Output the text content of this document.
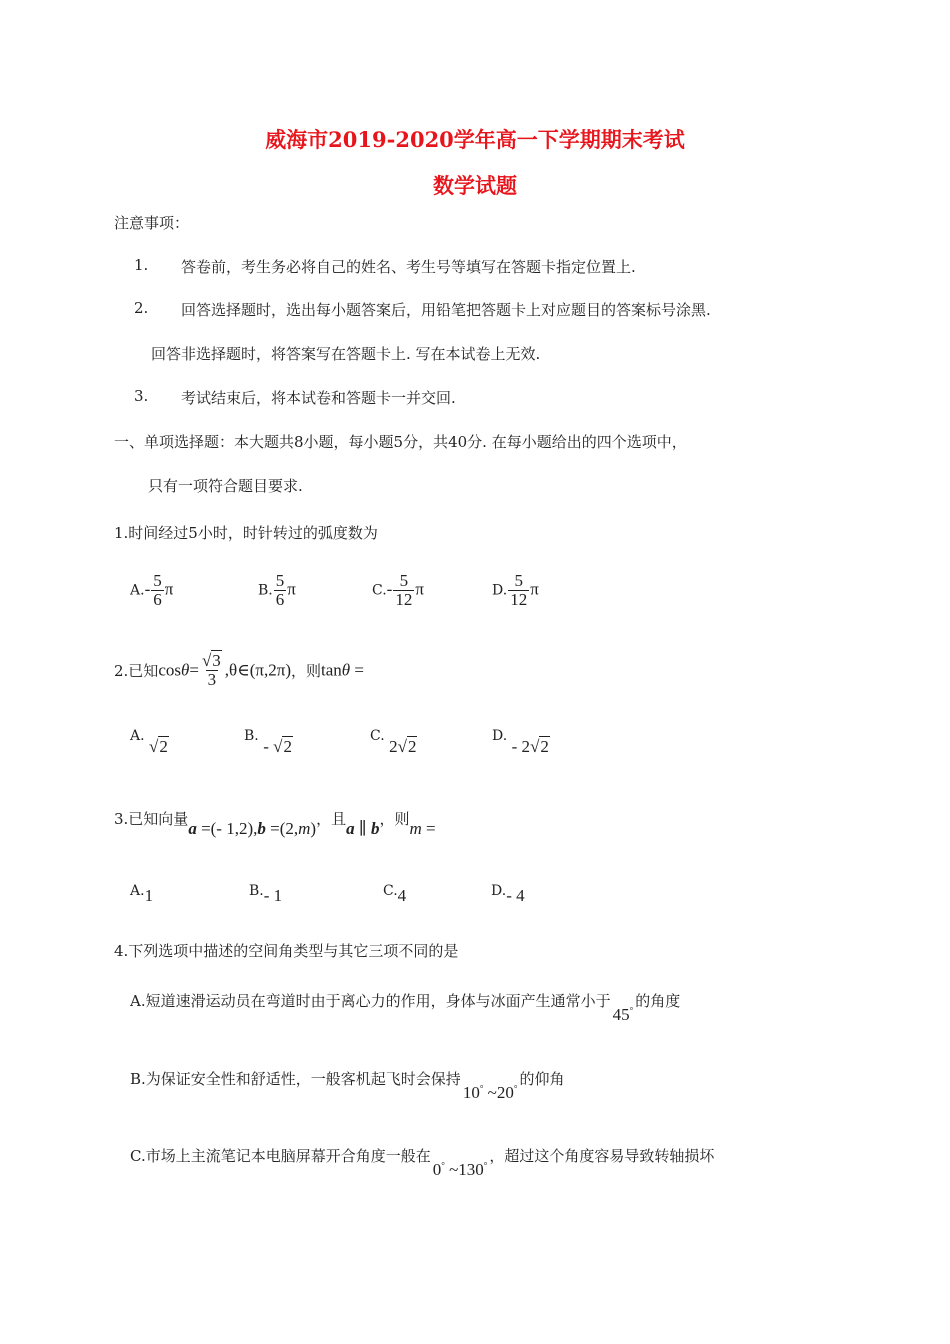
威海市2019-2020学年高一下学期期末考试
数学试题
注意事项：
1. 答卷前，考生务必将自己的姓名、考生号等填写在答题卡指定位置上.
2. 回答选择题时，选出每小题答案后，用铅笔把答题卡上对应题目的答案标号涂黑.
回答非选择题时，将答案写在答题卡上. 写在本试卷上无效.
3. 考试结束后，将本试卷和答题卡一并交回.
一、单项选择题：本大题共8小题，每小题5分，共40分. 在每小题给出的四个选项中，
只有一项符合题目要求.
1.时间经过5小时，时针转过的弧度数为
$A.- \frac{5}{6}$ π	B. $\frac{5}{6}$ π	$C.- \frac{5}{12}$ π	D. $\frac{5}{12}$ π
2.已知$\cos\theta= \frac{√3}{3}$ ,θ∈(π,2π)，则tanθ =
A. √2
B. - √2
C. 2√2
D. - 2√2
3.已知向量a =(- 1,2),b =(2,m)，且a ∥ b，则m =
A.1	B.- 1	C.4	D.- 4
4.下列选项中描述的空间角类型与其它三项不同的是
A.短道速滑运动员在弯道时由于离心力的作用，身体与冰面产生通常小于45°的角度
B.为保证安全性和舒适性，一般客机起飞时会保持10° ~20°的仰角
C.市场上主流笔记本电脑屏幕开合角度一般在0° ~130°，超过这个角度容易导致转轴损坏
